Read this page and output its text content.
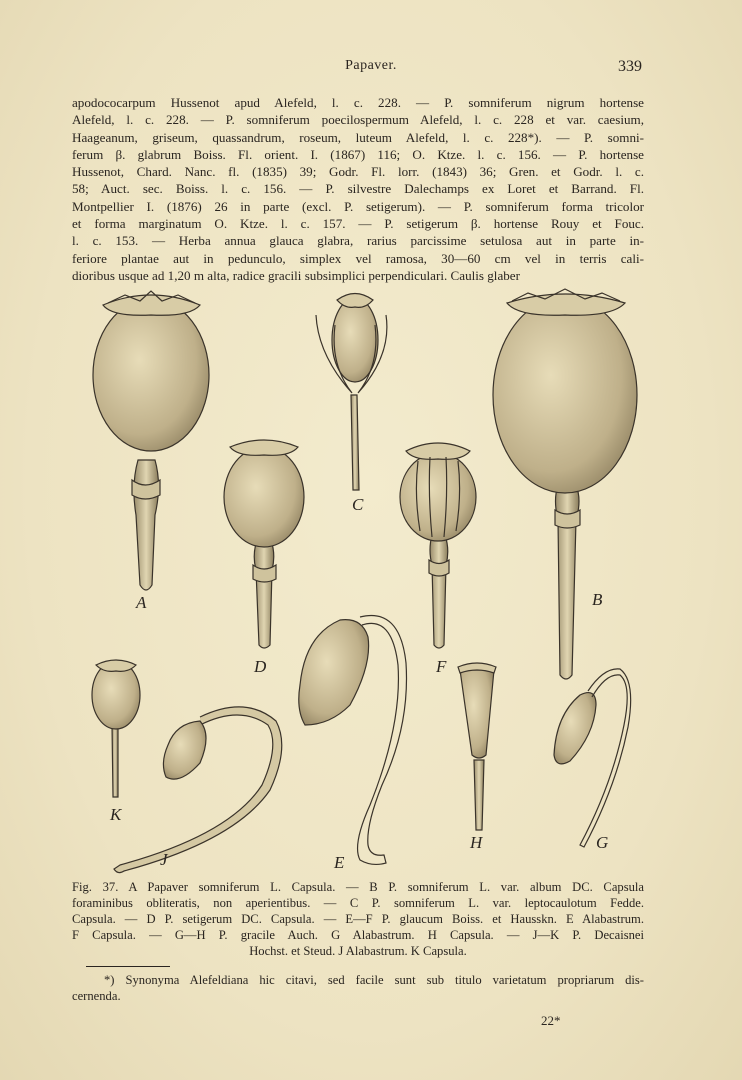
Papaver.	339
apodococarpum Hussenot apud Alefeld, l. c. 228. — P. somniferum nigrum hortense
Alefeld, l. c. 228. — P. somniferum poecilospermum Alefeld, l. c. 228 et var. caesium,
Haageanum, griseum, quassandrum, roseum, luteum Alefeld, l. c. 228*). — P. somni-
ferum β. glabrum Boiss. Fl. orient. I. (1867) 116; O. Ktze. l. c. 156. — P. hortense
Hussenot, Chard. Nanc. fl. (1835) 39; Godr. Fl. lorr. (1843) 36; Gren. et Godr. l. c.
58; Auct. sec. Boiss. l. c. 156. — P. silvestre Dalechamps ex Loret et Barrand. Fl.
Montpellier I. (1876) 26 in parte (excl. P. setigerum). — P. somniferum forma tricolor
et forma marginatum O. Ktze. l. c. 157. — P. setigerum β. hortense Rouy et Fouc.
l. c. 153. — Herba annua glauca glabra, rarius parcissime setulosa aut in parte in-
feriore plantae aut in pedunculo, simplex vel ramosa, 30—60 cm vel in terris cali-
dioribus usque ad 1,20 m alta, radice gracili subsimplici perpendiculari. Caulis glaber
A	B
C
D
E
F
G
H
J
K
Fig. 37. A Papaver somniferum L. Capsula. — B P. somniferum L. var. album DC. Capsula
foraminibus obliteratis, non aperientibus. — C P. somniferum L. var. leptocaulotum Fedde.
Capsula. — D P. setigerum DC. Capsula. — E—F P. glaucum Boiss. et Hausskn. E Alabastrum.
F Capsula. — G—H P. gracile Auch. G Alabastrum. H Capsula. — J—K P. Decaisnei
Hochst. et Steud. J Alabastrum. K Capsula.
*) Synonyma Alefeldiana hic citavi, sed facile sunt sub titulo varietatum propriarum dis-
cernenda.
22*
